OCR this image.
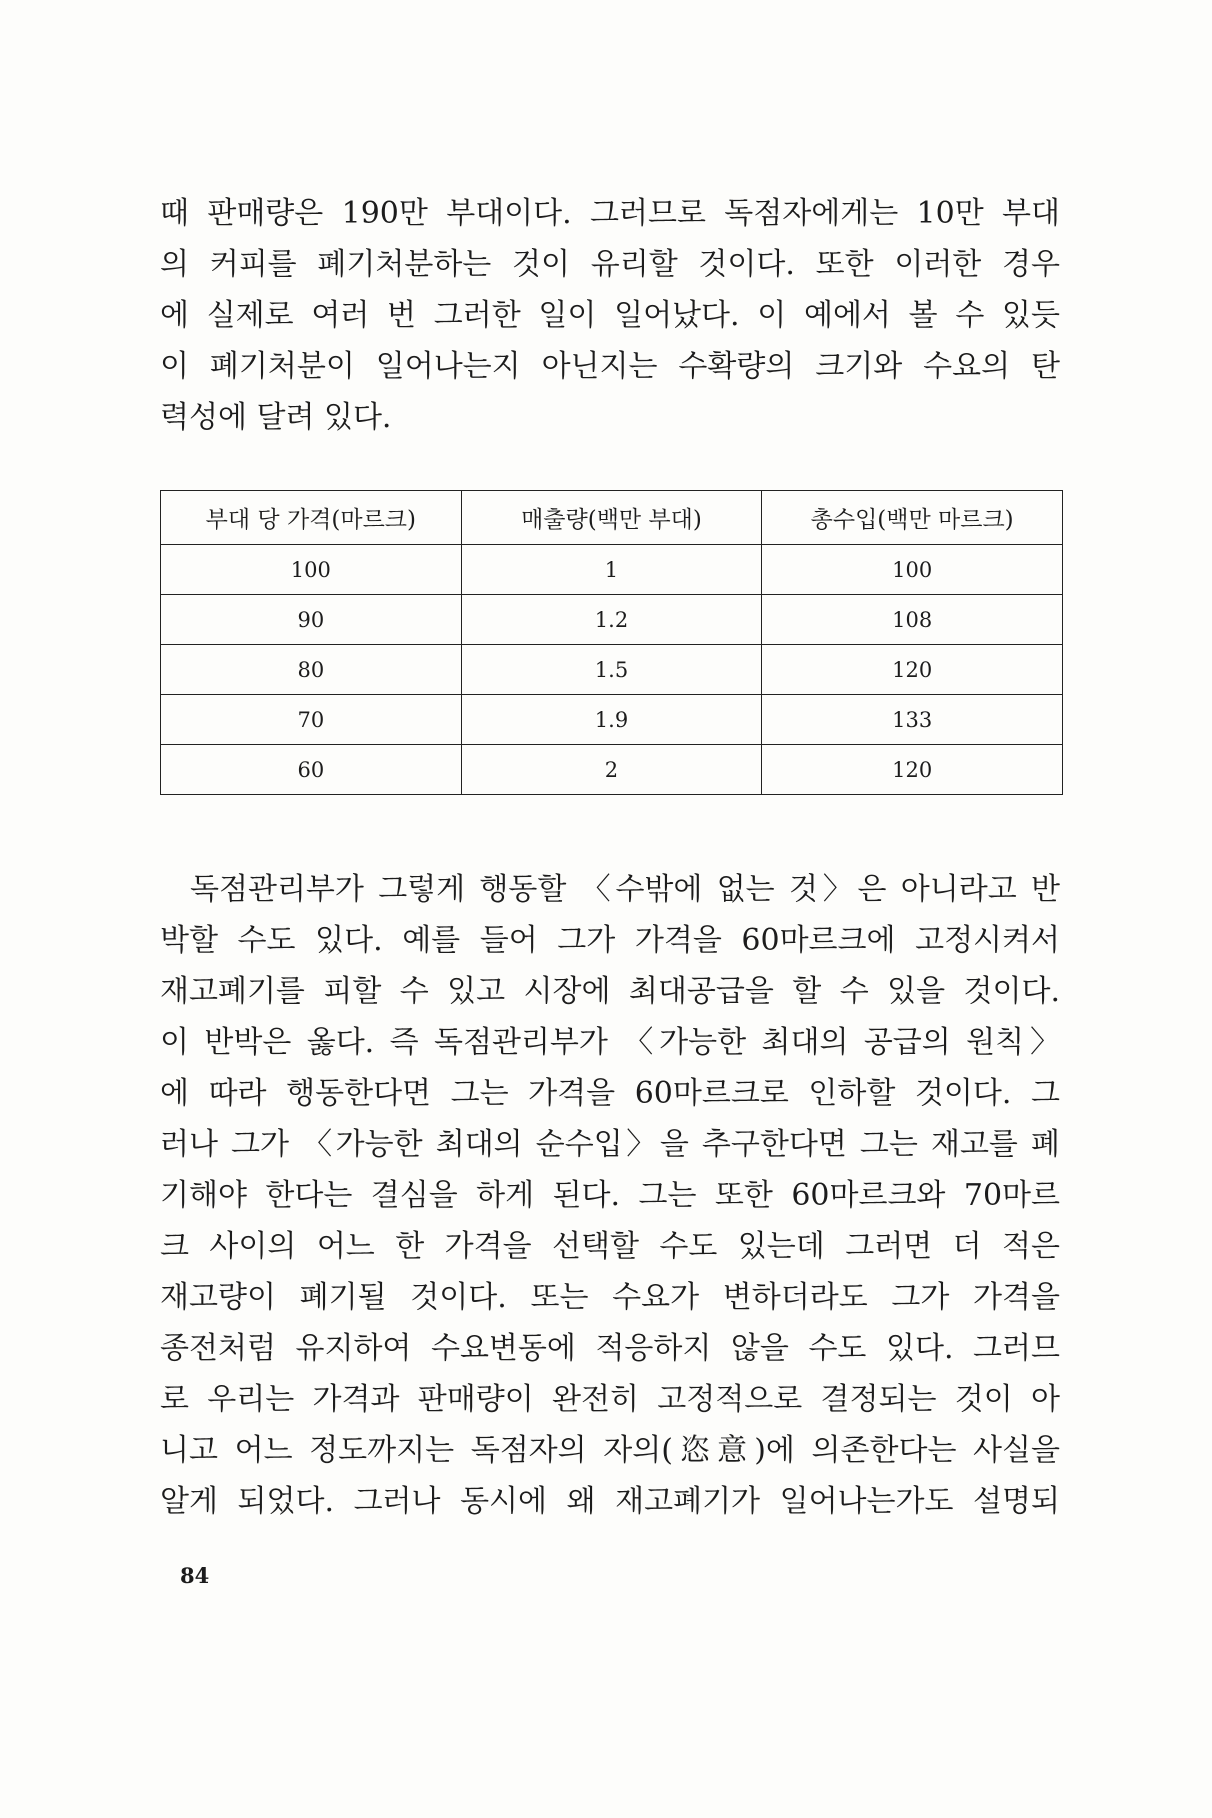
때 판매량은 190만 부대이다. 그러므로 독점자에게는 10만 부대
의 커피를 폐기처분하는 것이 유리할 것이다. 또한 이러한 경우
에 실제로 여러 번 그러한 일이 일어났다. 이 예에서 볼 수 있듯
이 폐기처분이 일어나는지 아닌지는 수확량의 크기와 수요의 탄
력성에 달려 있다.

부대 당 가격(마르크)	매출량(백만 부대)	총수입(백만 마르크)
100	1	100
90	1.2	108
80	1.5	120
70	1.9	133
60	2	120

독점관리부가 그렇게 행동할 〈수밖에 없는 것〉은 아니라고 반
박할 수도 있다. 예를 들어 그가 가격을 60마르크에 고정시켜서
재고폐기를 피할 수 있고 시장에 최대공급을 할 수 있을 것이다.
이 반박은 옳다. 즉 독점관리부가 〈가능한 최대의 공급의 원칙〉
에 따라 행동한다면 그는 가격을 60마르크로 인하할 것이다. 그
러나 그가 〈가능한 최대의 순수입〉을 추구한다면 그는 재고를 폐
기해야 한다는 결심을 하게 된다. 그는 또한 60마르크와 70마르
크 사이의 어느 한 가격을 선택할 수도 있는데 그러면 더 적은
재고량이 폐기될 것이다. 또는 수요가 변하더라도 그가 가격을
종전처럼 유지하여 수요변동에 적응하지 않을 수도 있다. 그러므
로 우리는 가격과 판매량이 완전히 고정적으로 결정되는 것이 아
니고 어느 정도까지는 독점자의 자의(恣意)에 의존한다는 사실을
알게 되었다. 그러나 동시에 왜 재고폐기가 일어나는가도 설명되

84
